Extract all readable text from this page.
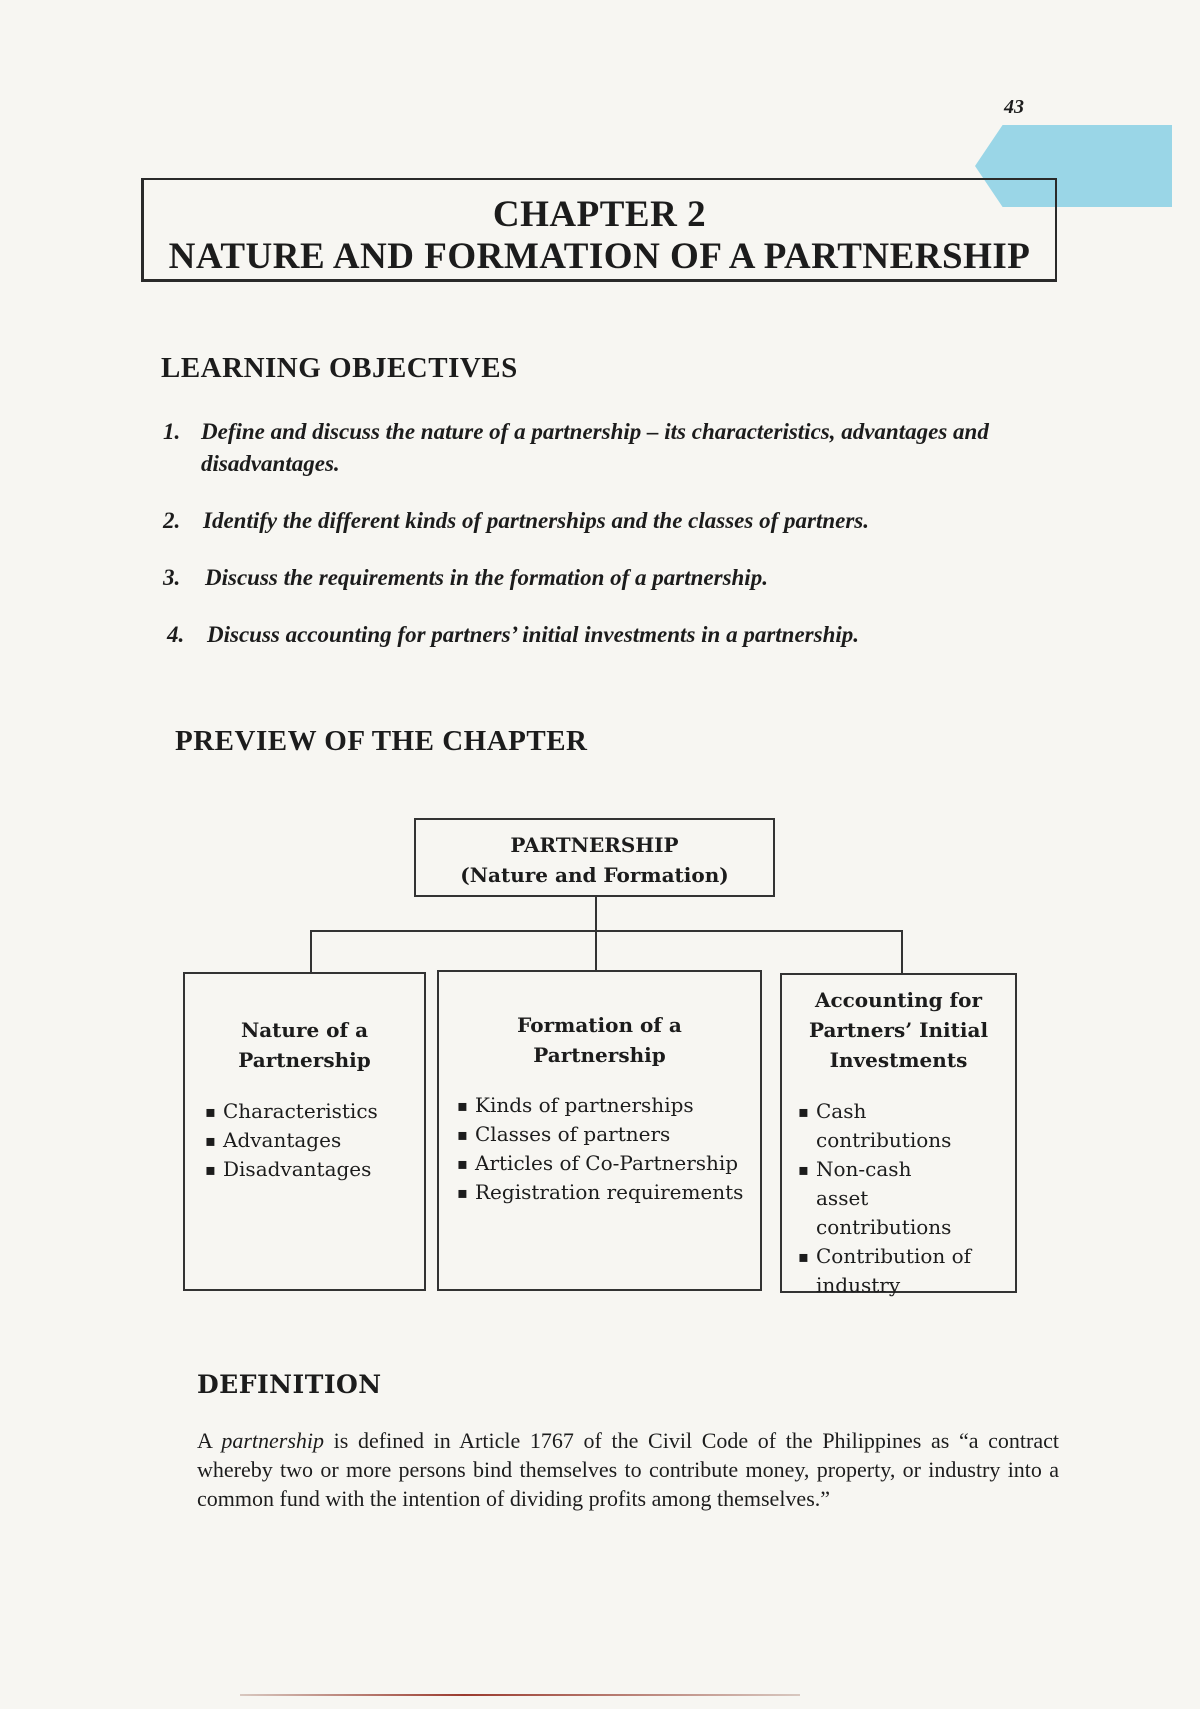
43
CHAPTER 2
NATURE AND FORMATION OF A PARTNERSHIP
LEARNING OBJECTIVES
1. Define and discuss the nature of a partnership – its characteristics, advantages and disadvantages.
2. Identify the different kinds of partnerships and the classes of partners.
3. Discuss the requirements in the formation of a partnership.
4. Discuss accounting for partners’ initial investments in a partnership.
PREVIEW OF THE CHAPTER
PARTNERSHIP
(Nature and Formation)
Nature of a
Partnership
▪ Characteristics
▪ Advantages
▪ Disadvantages
Formation of a
Partnership
▪ Kinds of partnerships
▪ Classes of partners
▪ Articles of Co-Partnership
▪ Registration requirements
Accounting for
Partners’ Initial
Investments
▪ Cash contributions
▪ Non-cash asset contributions
▪ Contribution of industry
DEFINITION
A partnership is defined in Article 1767 of the Civil Code of the Philippines as “a contract whereby two or more persons bind themselves to contribute money, property, or industry into a common fund with the intention of dividing profits among themselves.”
